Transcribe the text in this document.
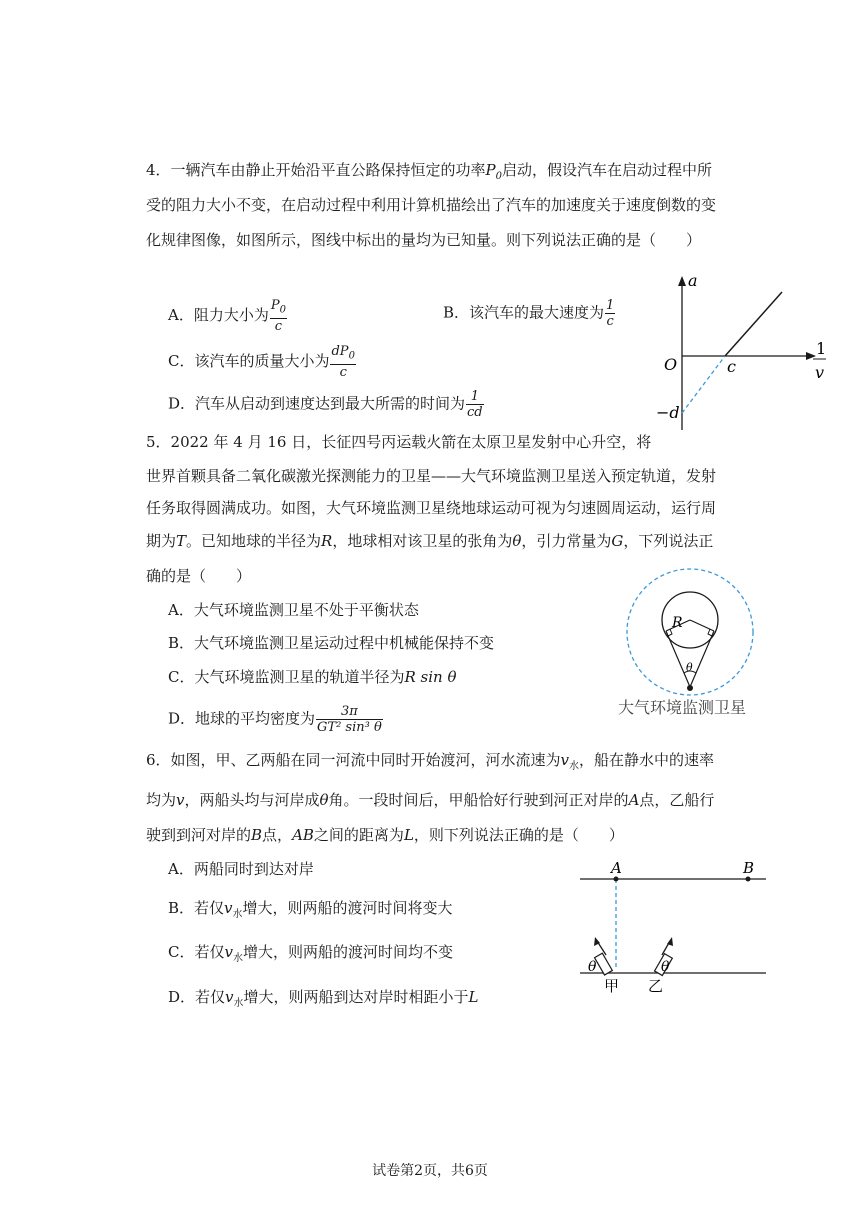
4．一辆汽车由静止开始沿平直公路保持恒定的功率$P_0$启动，假设汽车在启动过程中所
受的阻力大小不变，在启动过程中利用计算机描绘出了汽车的加速度关于速度倒数的变
化规律图像，如图所示，图线中标出的量均为已知量。则下列说法正确的是（　　）
A．阻力大小为 $\frac{P_0}{c}$	B．该汽车的最大速度为 $\frac{1}{c}$
C．该汽车的质量大小为 $\frac{dP_0}{c}$
D．汽车从启动到速度达到最大所需的时间为 $\frac{1}{cd}$
a
O	c
1
v
−d
5．2022 年 4 月 16 日，长征四号丙运载火箭在太原卫星发射中心升空，将
世界首颗具备二氧化碳激光探测能力的卫星——大气环境监测卫星送入预定轨道，发射
任务取得圆满成功。如图，大气环境监测卫星绕地球运动可视为匀速圆周运动，运行周
期为T。已知地球的半径为R，地球相对该卫星的张角为θ，引力常量为G，下列说法正
确的是（　　）
A．大气环境监测卫星不处于平衡状态
B．大气环境监测卫星运动过程中机械能保持不变
C．大气环境监测卫星的轨道半径为R sin θ
D．地球的平均密度为 $\frac{3\pi}{\text{GT² sin³ θ}}$
R
θ
大气环境监测卫星
6．如图，甲、乙两船在同一河流中同时开始渡河，河水流速为$v_水$，船在静水中的速率
均为v，两船头均与河岸成θ角。一段时间后，甲船恰好行驶到河正对岸的A点，乙船行
驶到到河对岸的B点，AB之间的距离为L，则下列说法正确的是（　　）
A．两船同时到达对岸
B．若仅$v_水$增大，则两船的渡河时间将变大
C．若仅$v_水$增大，则两船的渡河时间均不变
D．若仅$v_水$增大，则两船到达对岸时相距小于L
A	B
θ	θ
甲 乙
试卷第2页，共6页
